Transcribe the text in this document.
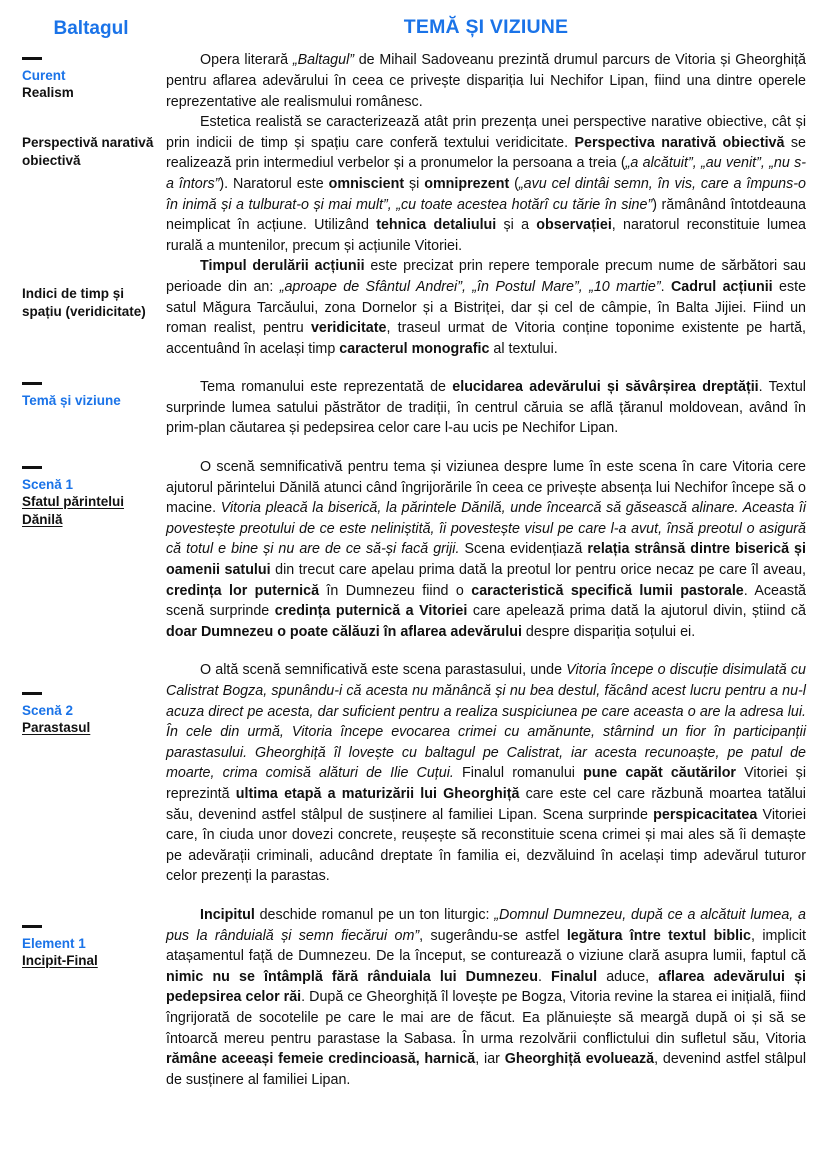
Baltagul
Curent
Realism
Perspectivă narativă obiectivă
Indici de timp și spațiu (veridicitate)
Temă și viziune
Scenă 1
Sfatul părintelui Dănilă
Scenă 2
Parastasul
Element 1
Incipit-Final
TEMĂ ȘI VIZIUNE

Opera literară „Baltagul” de Mihail Sadoveanu prezintă drumul parcurs de Vitoria și Gheorghiță pentru aflarea adevărului în ceea ce privește dispariția lui Nechifor Lipan, fiind una dintre operele reprezentative ale realismului românesc.

Estetica realistă se caracterizează atât prin prezența unei perspective narative obiective, cât și prin indicii de timp și spațiu care conferă textului veridicitate. Perspectiva narativă obiectivă se realizează prin intermediul verbelor și a pronumelor la persoana a treia („a alcătuit”, „au venit”, „nu s-a întors”). Naratorul este omniscient și omniprezent („avu cel dintâi semn, în vis, care a împuns-o în inimă și a tulburat-o și mai mult”, „cu toate acestea hotărî cu tărie în sine”) rămânând întotdeauna neimplicat în acțiune. Utilizând tehnica detaliului și a observației, naratorul reconstituie lumea rurală a muntenilor, precum și acțiunile Vitoriei.

Timpul derulării acțiunii este precizat prin repere temporale precum nume de sărbători sau perioade din an: „aproape de Sfântul Andrei”, „în Postul Mare”, „10 martie”. Cadrul acțiunii este satul Măgura Tarcăului, zona Dornelor și a Bistriței, dar și cel de câmpie, în Balta Jijiei. Fiind un roman realist, pentru veridicitate, traseul urmat de Vitoria conține toponime existente pe hartă, accentuând în același timp caracterul monografic al textului.

Tema romanului este reprezentată de elucidarea adevărului și săvârșirea dreptății. Textul surprinde lumea satului păstrător de tradiții, în centrul căruia se află țăranul moldovean, având în prim-plan căutarea și pedepsirea celor care l-au ucis pe Nechifor Lipan.

O scenă semnificativă pentru tema și viziunea despre lume în este scena în care Vitoria cere ajutorul părintelui Dănilă atunci când îngrijorările în ceea ce privește absența lui Nechifor începe să o macine. Vitoria pleacă la biserică, la părintele Dănilă, unde încearcă să găsească alinare. Aceasta îi povestește preotului de ce este neliniștită, îi povestește visul pe care l-a avut, însă preotul o asigură că totul e bine și nu are de ce să-și facă griji. Scena evidențiază relația strânsă dintre biserică și oamenii satului din trecut care apelau prima dată la preotul lor pentru orice necaz pe care îl aveau, credința lor puternică în Dumnezeu fiind o caracteristică specifică lumii pastorale. Această scenă surprinde credința puternică a Vitoriei care apelează prima dată la ajutorul divin, știind că doar Dumnezeu o poate călăuzi în aflarea adevărului despre dispariția soțului ei.

O altă scenă semnificativă este scena parastasului, unde Vitoria începe o discuție disimulată cu Calistrat Bogza, spunându-i că acesta nu mănâncă și nu bea destul, făcând acest lucru pentru a nu-l acuza direct pe acesta, dar suficient pentru a realiza suspiciunea pe care aceasta o are la adresa lui. În cele din urmă, Vitoria începe evocarea crimei cu amănunte, stârnind un fior în participanții parastasului. Gheorghiță îl lovește cu baltagul pe Calistrat, iar acesta recunoaște, pe patul de moarte, crima comisă alături de Ilie Cuțui. Finalul romanului pune capăt căutărilor Vitoriei și reprezintă ultima etapă a maturizării lui Gheorghiță care este cel care răzbună moartea tatălui său, devenind astfel stâlpul de susținere al familiei Lipan. Scena surprinde perspicacitatea Vitoriei care, în ciuda unor dovezi concrete, reușește să reconstituie scena crimei și mai ales să îi demaște pe adevărații criminali, aducând dreptate în familia ei, dezvăluind în același timp adevărul tuturor celor prezenți la parastas.

Incipitul deschide romanul pe un ton liturgic: „Domnul Dumnezeu, după ce a alcătuit lumea, a pus la rânduială și semn fiecărui om”, sugerându-se astfel legătura între textul biblic, implicit atașamentul față de Dumnezeu. De la început, se conturează o viziune clară asupra lumii, faptul că nimic nu se întâmplă fără rânduiala lui Dumnezeu. Finalul aduce, aflarea adevărului și pedepsirea celor răi. După ce Gheorghiță îl lovește pe Bogza, Vitoria revine la starea ei inițială, fiind îngrijorată de socotelile pe care le mai are de făcut. Ea plănuiește să meargă după oi și să se întoarcă mereu pentru parastase la Sabasa. În urma rezolvării conflictului din sufletul său, Vitoria rămâne aceeași femeie credincioasă, harnică, iar Gheorghiță evoluează, devenind astfel stâlpul de susținere al familiei Lipan.
